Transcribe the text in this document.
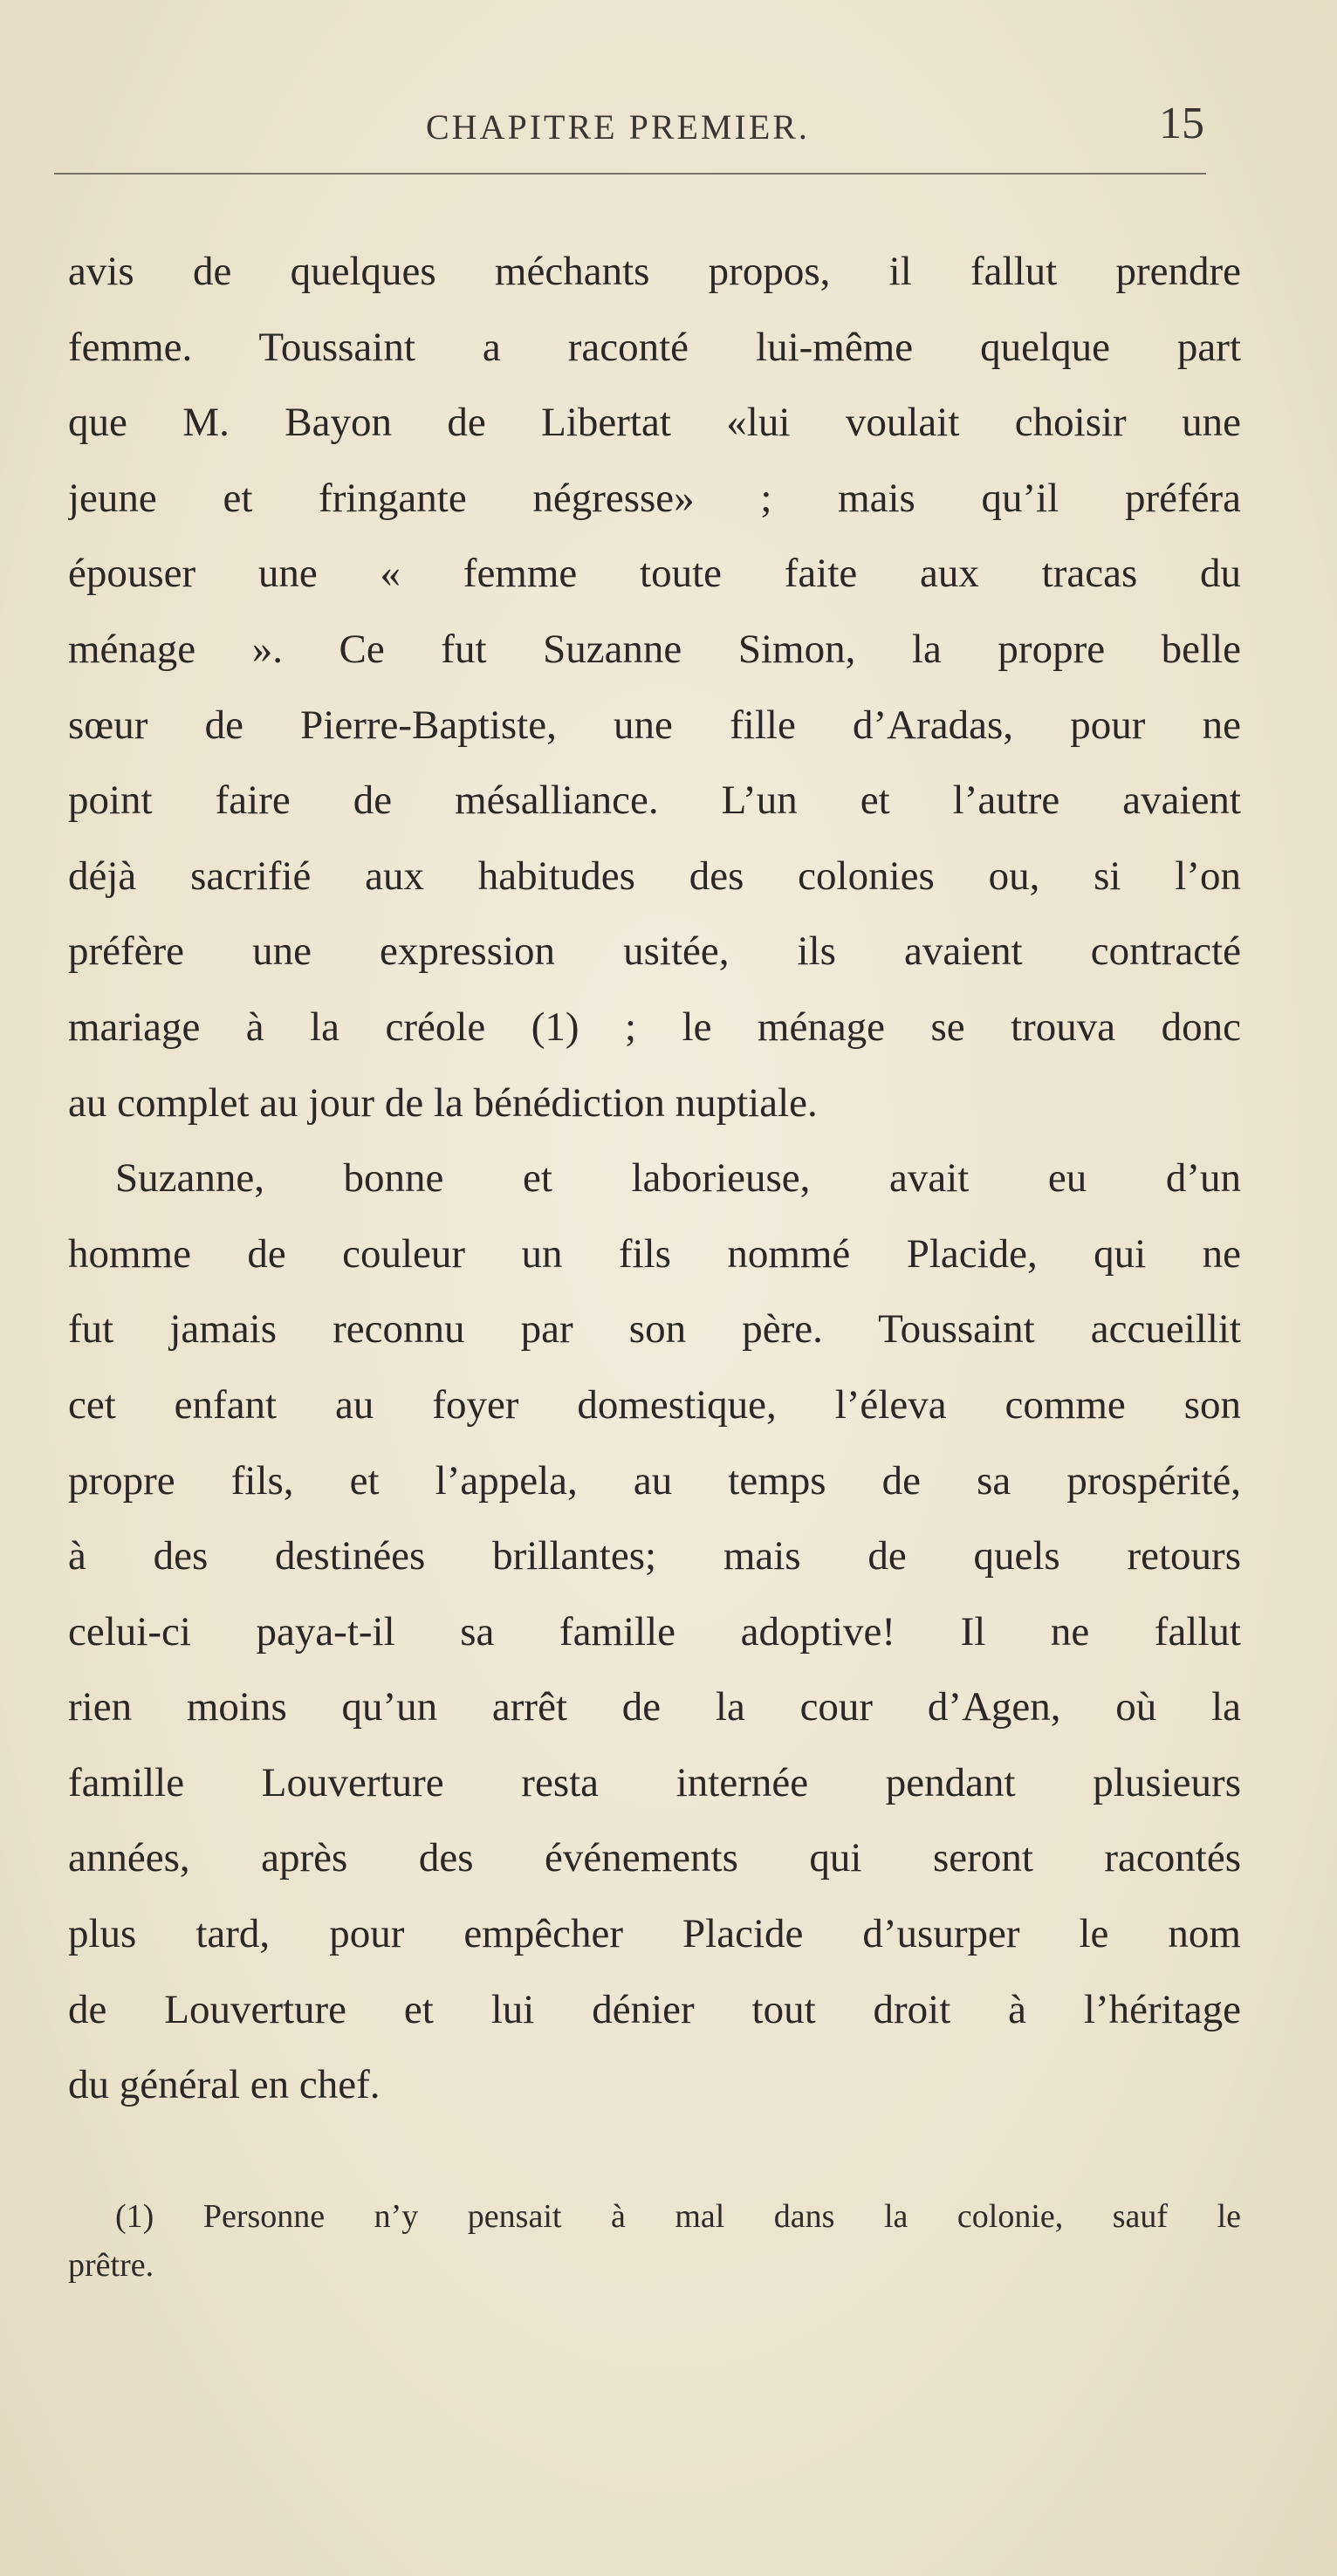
CHAPITRE PREMIER.	15
avis de quelques méchants propos, il fallut prendre
femme. Toussaint a raconté lui-même quelque part
que M. Bayon de Libertat «lui voulait choisir une
jeune et fringante négresse» ; mais qu’il préféra
épouser une « femme toute faite aux tracas du
ménage ». Ce fut Suzanne Simon, la propre belle
sœur de Pierre-Baptiste, une fille d’Aradas, pour ne
point faire de mésalliance. L’un et l’autre avaient
déjà sacrifié aux habitudes des colonies ou, si l’on
préfère une expression usitée, ils avaient contracté
mariage à la créole (1) ; le ménage se trouva donc
au complet au jour de la bénédiction nuptiale.
Suzanne, bonne et laborieuse, avait eu d’un
homme de couleur un fils nommé Placide, qui ne
fut jamais reconnu par son père. Toussaint accueillit
cet enfant au foyer domestique, l’éleva comme son
propre fils, et l’appela, au temps de sa prospérité,
à des destinées brillantes; mais de quels retours
celui-ci paya-t-il sa famille adoptive! Il ne fallut
rien moins qu’un arrêt de la cour d’Agen, où la
famille Louverture resta internée pendant plusieurs
années, après des événements qui seront racontés
plus tard, pour empêcher Placide d’usurper le nom
de Louverture et lui dénier tout droit à l’héritage
du général en chef.
(1) Personne n’y pensait à mal dans la colonie, sauf le
prêtre.
